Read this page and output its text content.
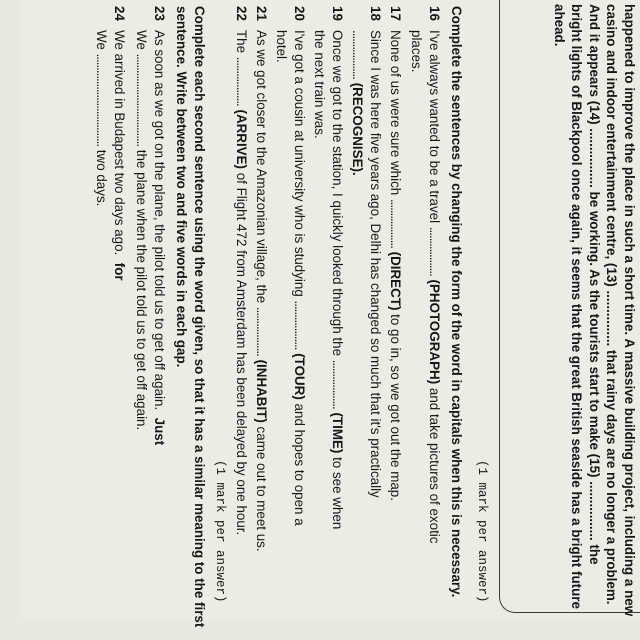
happened to improve the place in such a short time. A massive building project, including a new
casino and indoor entertainment centre, (13) ............... that rainy days are no longer a problem.
And it appears (14) ................ be working. As the tourists start to make (15) ................ the
bright lights of Blackpool once again, it seems that the great British seaside has a bright future
ahead.
(1 mark per answer)
Complete the sentences by changing the form of the word in capitals when this is necessary.
16
I've always wanted to be a travel .................. (PHOTOGRAPH) and take pictures of exotic
places.
17
None of us were sure which .................. (DIRECT) to go in, so we got out the map.
18
Since I was here five years ago, Delhi has changed so much that it's practically
.................. (RECOGNISE).
19
Once we got to the station, I quickly looked through the .................. (TIME) to see when
the next train was.
20
I've got a cousin at university who is studying .................. (TOUR) and hopes to open a
hotel.
21
As we got closer to the Amazonian village, the .................. (INHABIT) came out to meet us.
22
The .................. (ARRIVE) of Flight 472 from Amsterdam has been delayed by one hour.
(1 mark per answer)
Complete each second sentence using the word given, so that it has a similar meaning to the first
sentence. Write between two and five words in each gap.
23
As soon as we got on the plane, the pilot told us to get off again.  Just
We .................................. the plane when the pilot told us to get off again.
24
We arrived in Budapest two days ago.  for
We .................................. two days.
